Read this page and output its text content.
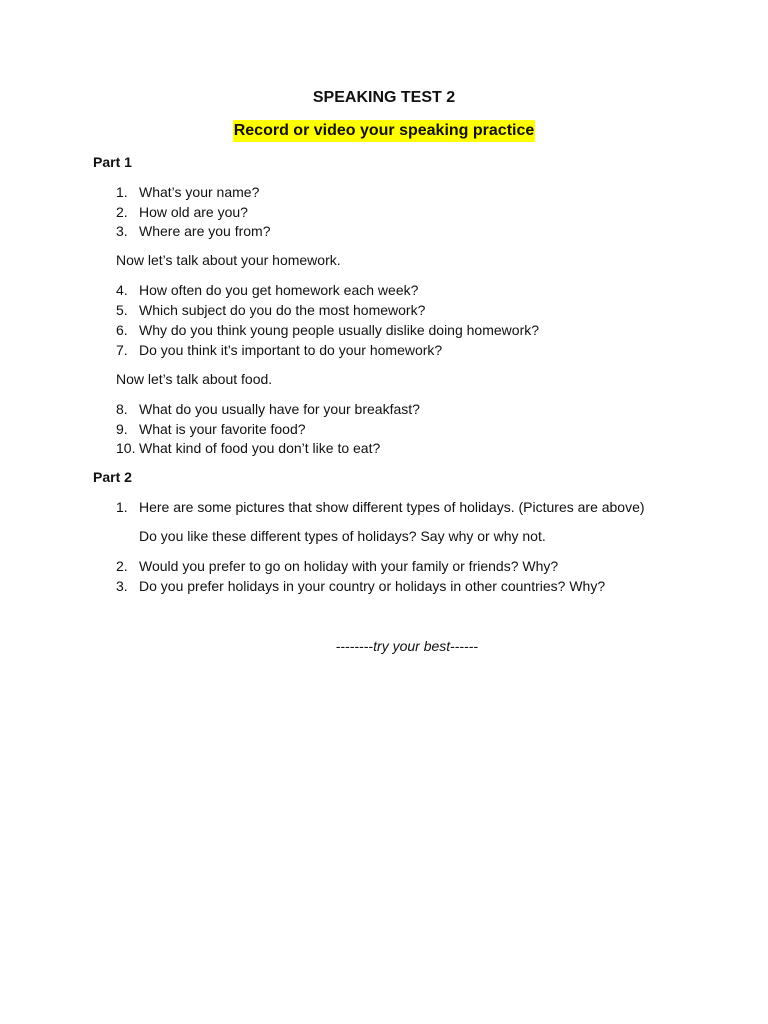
SPEAKING TEST 2
Record or video your speaking practice
Part 1
1. What’s your name?
2. How old are you?
3. Where are you from?
Now let’s talk about your homework.
4. How often do you get homework each week?
5. Which subject do you do the most homework?
6. Why do you think young people usually dislike doing homework?
7. Do you think it’s important to do your homework?
Now let’s talk about food.
8. What do you usually have for your breakfast?
9. What is your favorite food?
10. What kind of food you don’t like to eat?
Part 2
1. Here are some pictures that show different types of holidays. (Pictures are above)
Do you like these different types of holidays? Say why or why not.
2. Would you prefer to go on holiday with your family or friends? Why?
3. Do you prefer holidays in your country or holidays in other countries? Why?
--------try your best------
